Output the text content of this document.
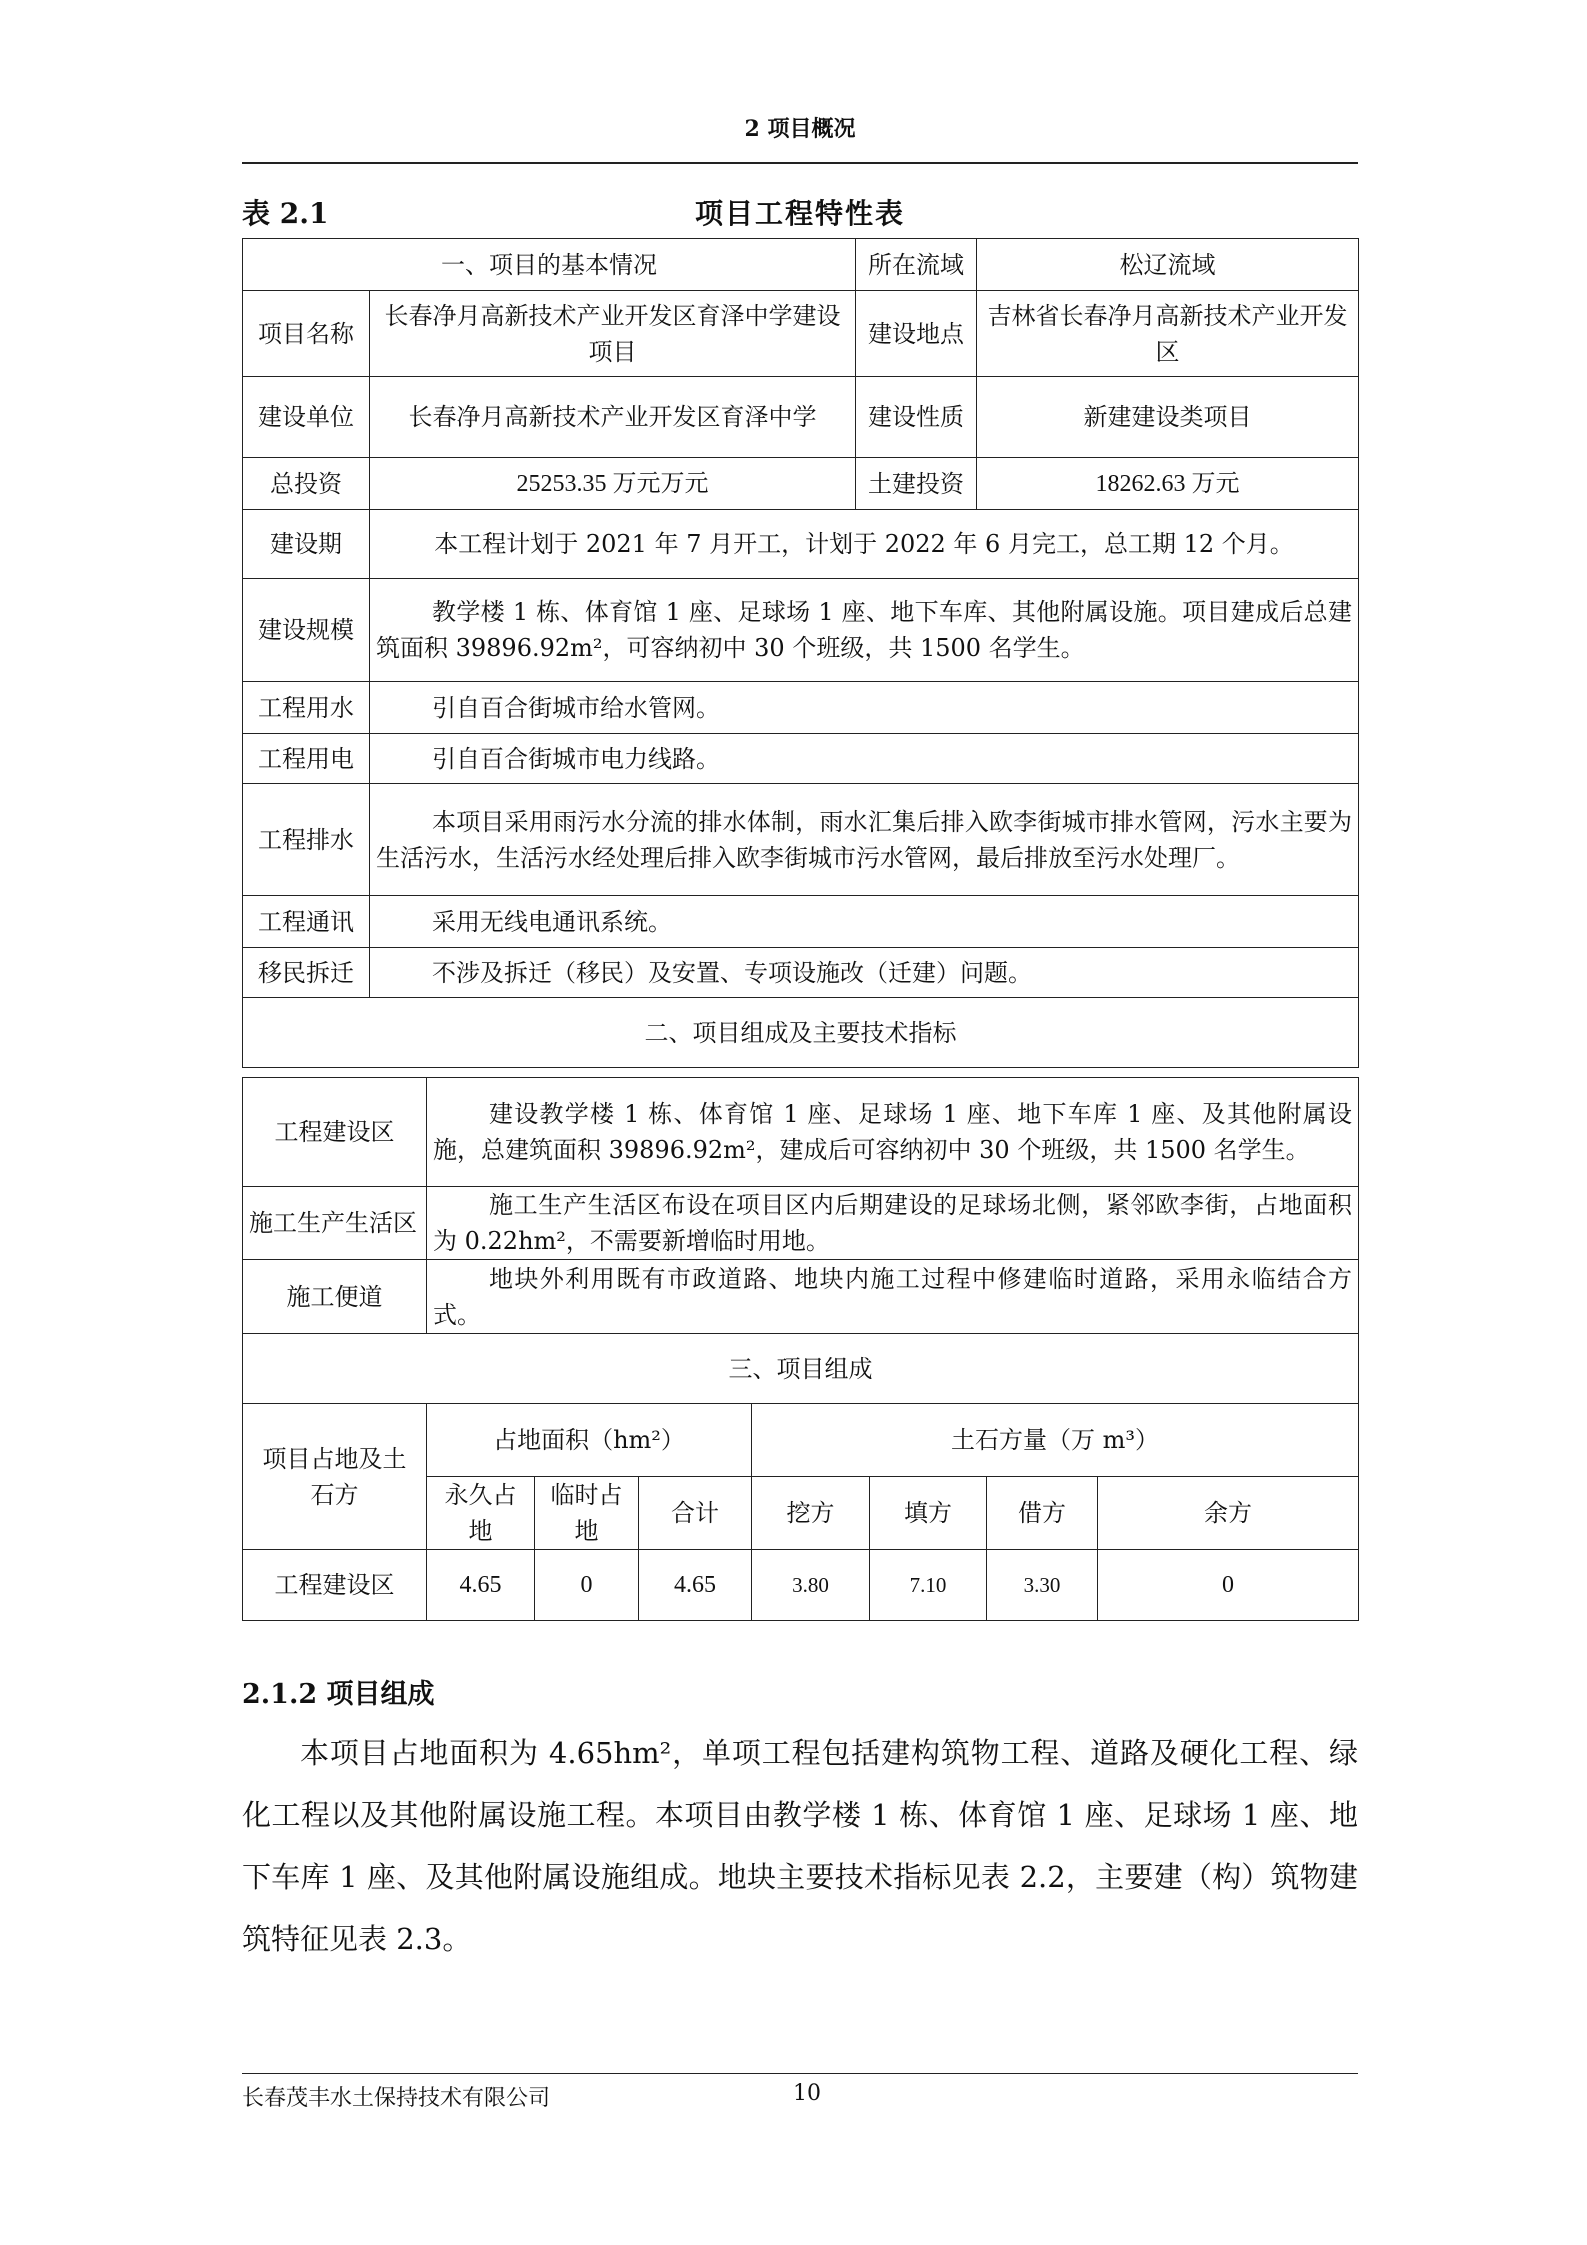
2 项目概况
项目工程特性表
表 2.1
一、项目的基本情况		所在流域	松辽流域
项目名称	长春净月高新技术产业开发区育泽中学建设项目	建设地点	吉林省长春净月高新技术产业开发区
建设单位	长春净月高新技术产业开发区育泽中学	建设性质	新建建设类项目
总投资	25253.35 万元万元	土建投资	18262.63 万元
建设期	本工程计划于 2021 年 7 月开工，计划于 2022 年 6 月完工，总工期 12 个月。		
建设规模	教学楼 1 栋、体育馆 1 座、足球场 1 座、地下车库、其他附属设施。项目建成后总建筑面积 39896.92m²，可容纳初中 30 个班级，共 1500 名学生。		
工程用水	引自百合街城市给水管网。		
工程用电	引自百合街城市电力线路。		
工程排水	本项目采用雨污水分流的排水体制，雨水汇集后排入欧李街城市排水管网，污水主要为生活污水，生活污水经处理后排入欧李街城市污水管网，最后排放至污水处理厂。		
工程通讯	采用无线电通讯系统。		
移民拆迁	不涉及拆迁（移民）及安置、专项设施改（迁建）问题。		
二、项目组成及主要技术指标			
工程建设区	建设教学楼 1 栋、体育馆 1 座、足球场 1 座、地下车库 1 座、及其他附属设施，总建筑面积 39896.92m²，建成后可容纳初中 30 个班级，共 1500 名学生。
施工生产生活区	施工生产生活区布设在项目区内后期建设的足球场北侧，紧邻欧李街，占地面积为 0.22hm²，不需要新增临时用地。
施工便道	地块外利用既有市政道路、地块内施工过程中修建临时道路，采用永临结合方式。
三、项目组成							
项目占地及土石方	占地面积（hm²）			土石方量（万 m³）			
	永久占地	临时占地	合计	挖方	填方	借方	余方
工程建设区	4.65	0	4.65	3.80	7.10	3.30	0
2.1.2 项目组成
本项目占地面积为 4.65hm²，单项工程包括建构筑物工程、道路及硬化工程、绿化工程以及其他附属设施工程。本项目由教学楼 1 栋、体育馆 1 座、足球场 1 座、地下车库 1 座、及其他附属设施组成。地块主要技术指标见表 2.2，主要建（构）筑物建筑特征见表 2.3。
长春茂丰水土保持技术有限公司	10
